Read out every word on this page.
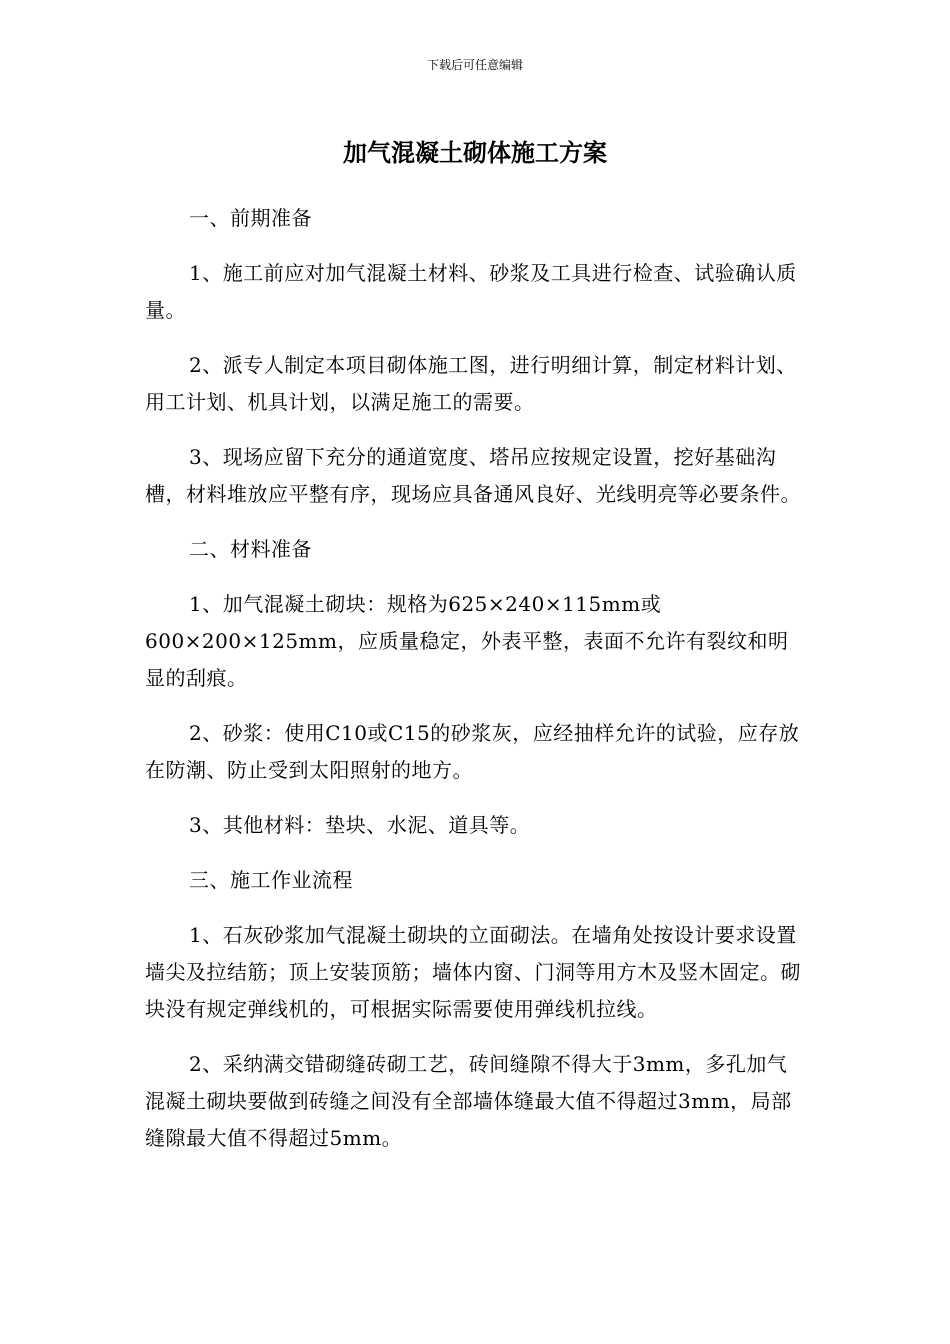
下载后可任意编辑
加气混凝土砌体施工方案

一、前期准备

1、施工前应对加气混凝土材料、砂浆及工具进行检查、试验确认质量。

2、派专人制定本项目砌体施工图，进行明细计算，制定材料计划、用工计划、机具计划，以满足施工的需要。

3、现场应留下充分的通道宽度、塔吊应按规定设置，挖好基础沟槽，材料堆放应平整有序，现场应具备通风良好、光线明亮等必要条件。

二、材料准备

1、加气混凝土砌块：规格为625×240×115mm或600×200×125mm，应质量稳定，外表平整，表面不允许有裂纹和明显的刮痕。

2、砂浆：使用C10或C15的砂浆灰，应经抽样允许的试验，应存放在防潮、防止受到太阳照射的地方。

3、其他材料：垫块、水泥、道具等。

三、施工作业流程

1、石灰砂浆加气混凝土砌块的立面砌法。在墙角处按设计要求设置墙尖及拉结筋；顶上安装顶筋；墙体内窗、门洞等用方木及竖木固定。砌块没有规定弹线机的，可根据实际需要使用弹线机拉线。

2、采纳满交错砌缝砖砌工艺，砖间缝隙不得大于3mm，多孔加气混凝土砌块要做到砖缝之间没有全部墙体缝最大值不得超过3mm，局部缝隙最大值不得超过5mm。
